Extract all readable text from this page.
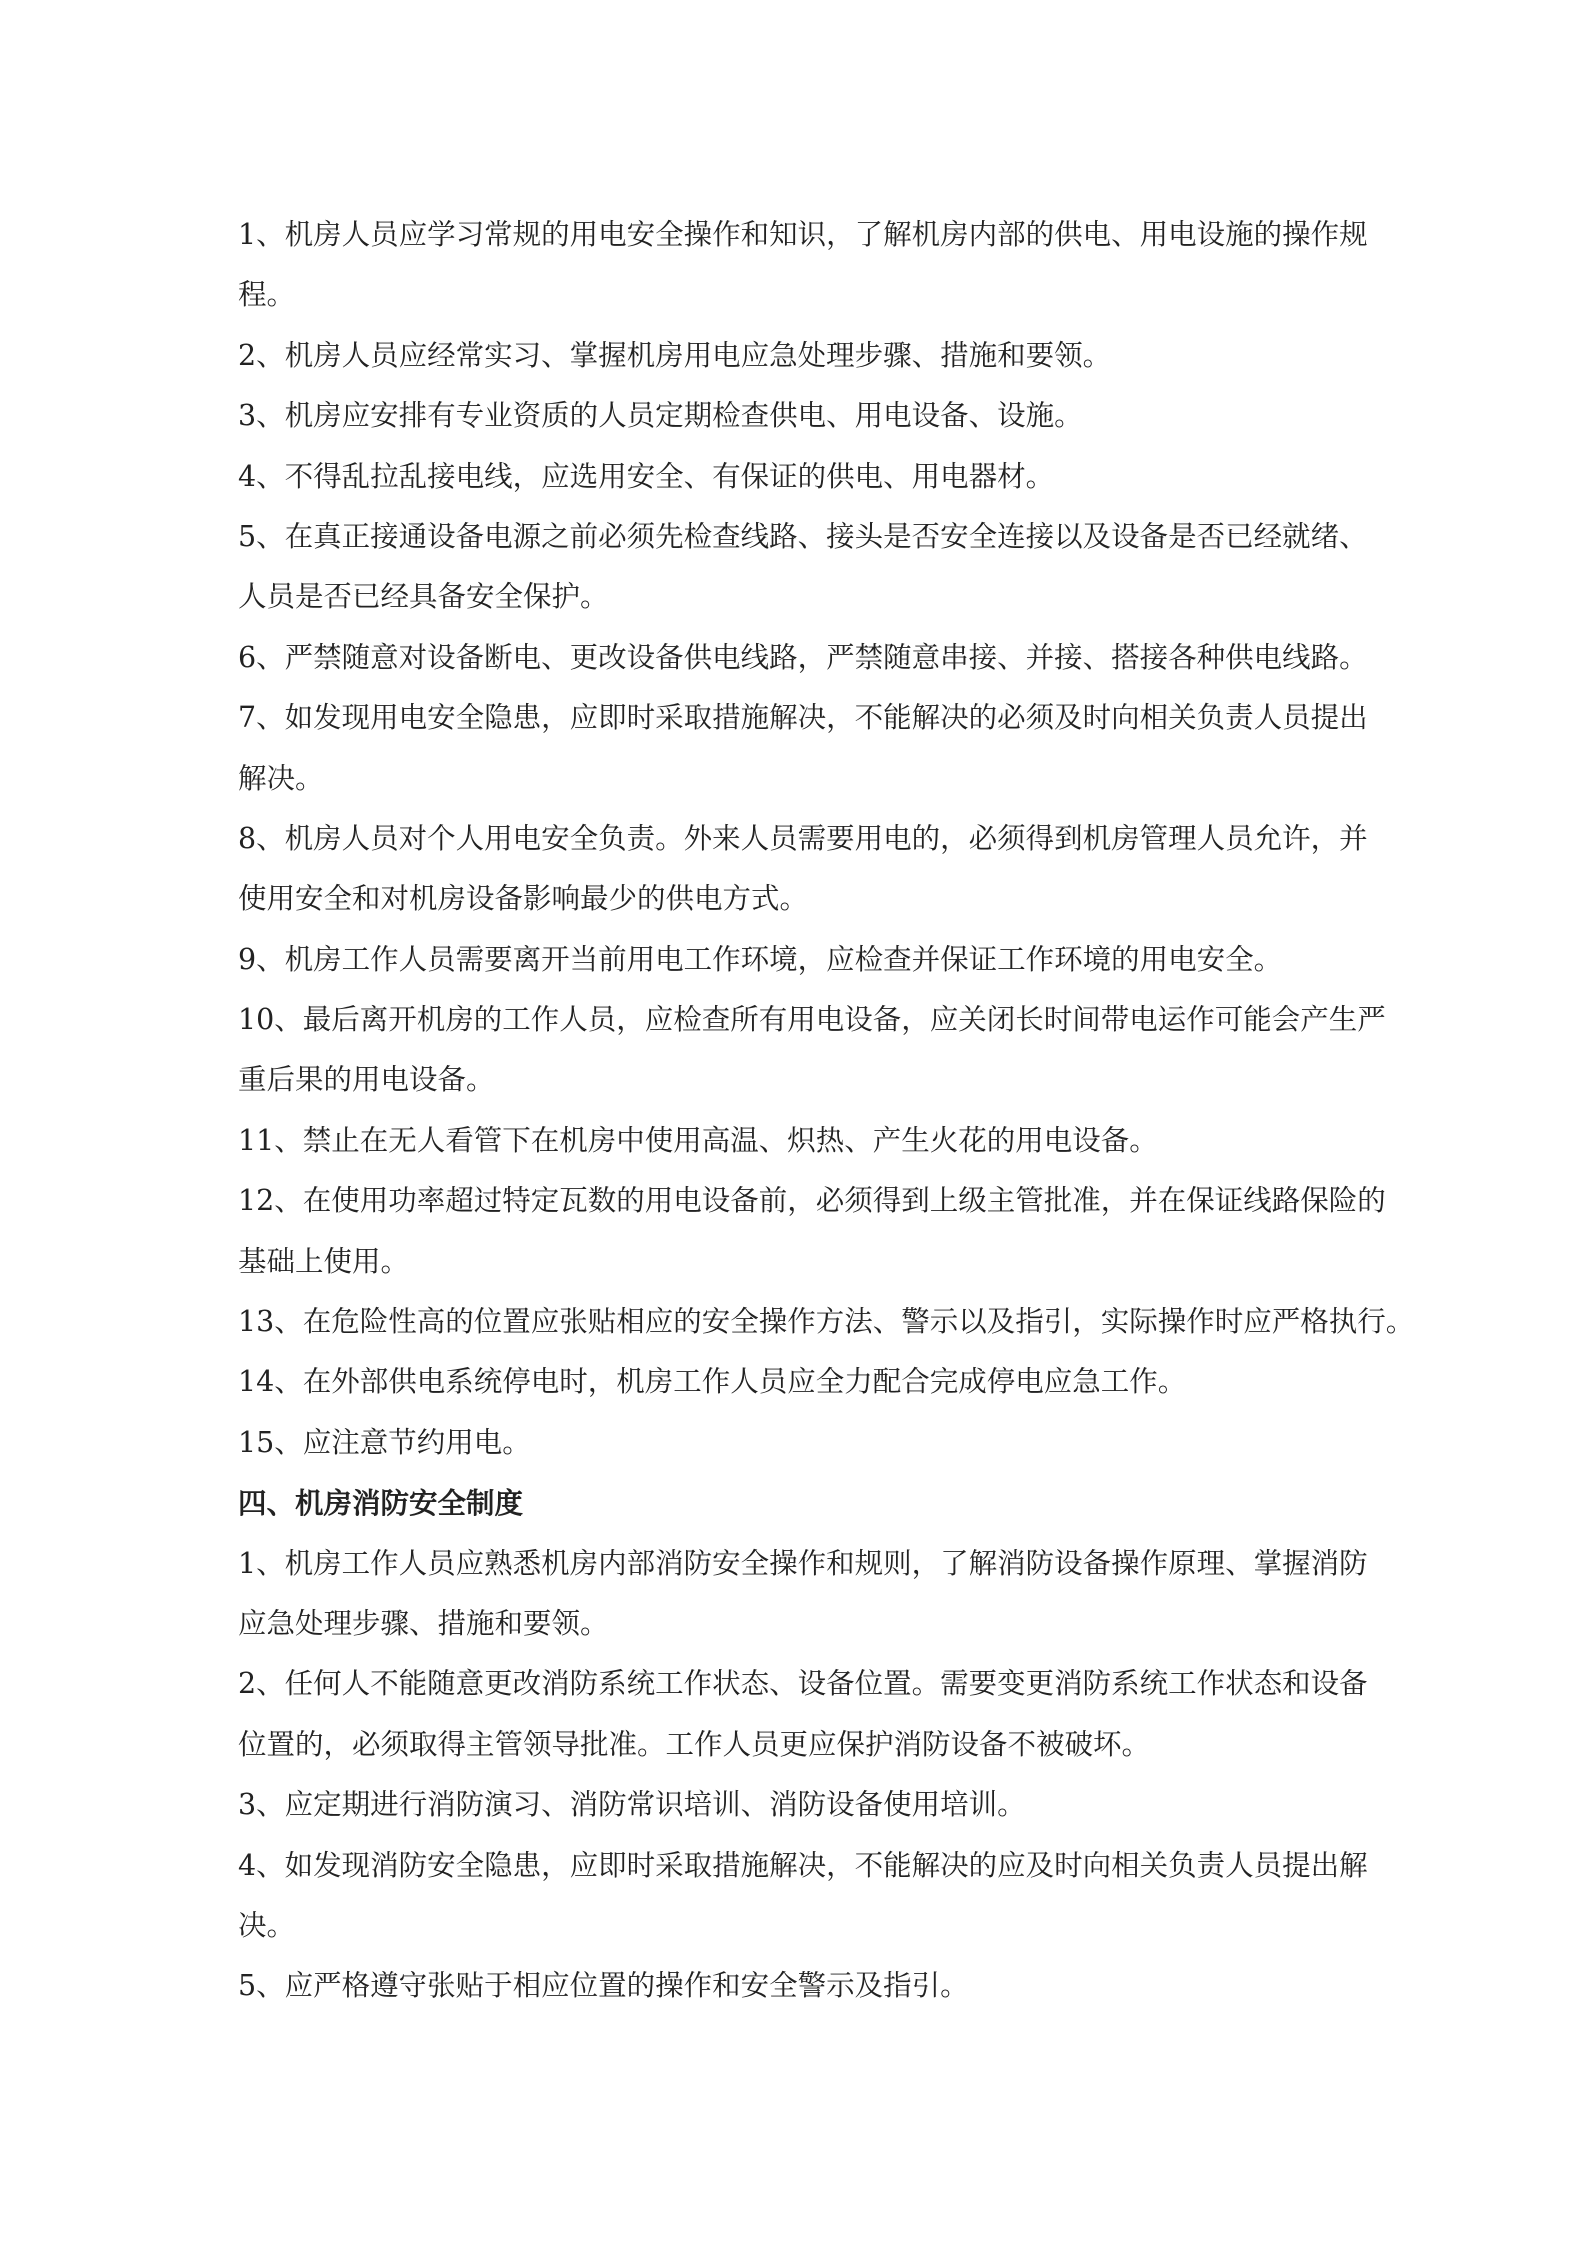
1、机房人员应学习常规的用电安全操作和知识，了解机房内部的供电、用电设施的操作规
程。
2、机房人员应经常实习、掌握机房用电应急处理步骤、措施和要领。
3、机房应安排有专业资质的人员定期检查供电、用电设备、设施。
4、不得乱拉乱接电线，应选用安全、有保证的供电、用电器材。
5、在真正接通设备电源之前必须先检查线路、接头是否安全连接以及设备是否已经就绪、
人员是否已经具备安全保护。
6、严禁随意对设备断电、更改设备供电线路，严禁随意串接、并接、搭接各种供电线路。
7、如发现用电安全隐患，应即时采取措施解决，不能解决的必须及时向相关负责人员提出
解决。
8、机房人员对个人用电安全负责。外来人员需要用电的，必须得到机房管理人员允许，并
使用安全和对机房设备影响最少的供电方式。
9、机房工作人员需要离开当前用电工作环境，应检查并保证工作环境的用电安全。
10、最后离开机房的工作人员，应检查所有用电设备，应关闭长时间带电运作可能会产生严
重后果的用电设备。
11、禁止在无人看管下在机房中使用高温、炽热、产生火花的用电设备。
12、在使用功率超过特定瓦数的用电设备前，必须得到上级主管批准，并在保证线路保险的
基础上使用。
13、在危险性高的位置应张贴相应的安全操作方法、警示以及指引，实际操作时应严格执行。
14、在外部供电系统停电时，机房工作人员应全力配合完成停电应急工作。
15、应注意节约用电。
四、机房消防安全制度
1、机房工作人员应熟悉机房内部消防安全操作和规则，了解消防设备操作原理、掌握消防
应急处理步骤、措施和要领。
2、任何人不能随意更改消防系统工作状态、设备位置。需要变更消防系统工作状态和设备
位置的，必须取得主管领导批准。工作人员更应保护消防设备不被破坏。
3、应定期进行消防演习、消防常识培训、消防设备使用培训。
4、如发现消防安全隐患，应即时采取措施解决，不能解决的应及时向相关负责人员提出解
决。
5、应严格遵守张贴于相应位置的操作和安全警示及指引。
